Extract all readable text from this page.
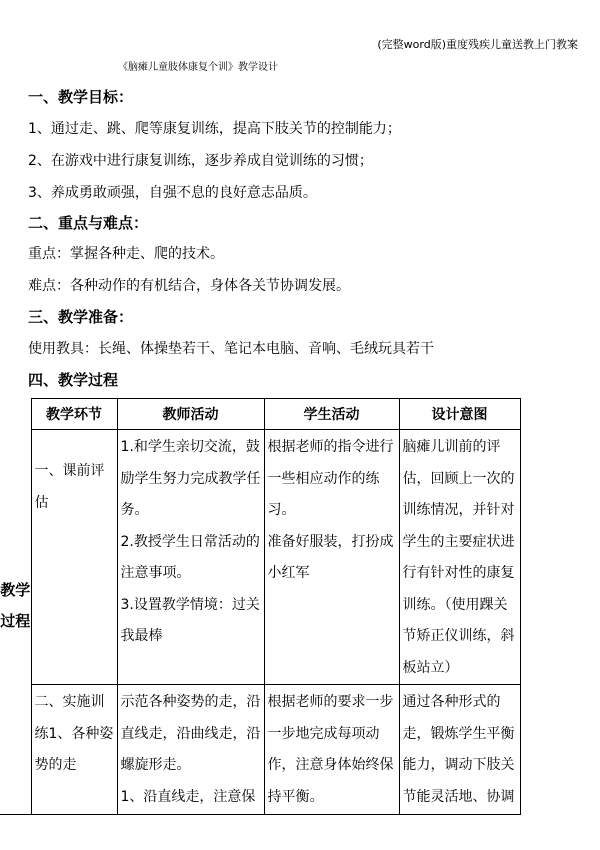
(完整word版)重度残疾儿童送教上门教案
《脑瘫儿童肢体康复个训》教学设计
一、教学目标：
1、通过走、跳、爬等康复训练，提高下肢关节的控制能力；
2、在游戏中进行康复训练，逐步养成自觉训练的习惯；
3、养成勇敢顽强，自强不息的良好意志品质。
二、重点与难点：
重点：掌握各种走、爬的技术。
难点：各种动作的有机结合，身体各关节协调发展。
三、教学准备：
使用教具：长绳、体操垫若干、笔记本电脑、音响、毛绒玩具若干
四、教学过程
教学过程	教学环节	教师活动	学生活动	设计意图

	一、课前评估	1.和学生亲切交流，鼓励学生努力完成教学任务。
2.教授学生日常活动的注意事项。
3.设置教学情境：过关我最棒	根据老师的指令进行一些相应动作的练习。
准备好服装，打扮成小红军	脑瘫儿训前的评估，回顾上一次的训练情况，并针对学生的主要症状进行有针对性的康复训练。（使用踝关节矫正仪训练，斜板站立）

	二、实施训练1、各种姿势的走	示范各种姿势的走，沿直线走，沿曲线走，沿螺旋形走。
1、沿直线走，注意保	根据老师的要求一步一步地完成每项动作，注意身体始终保持平衡。	通过各种形式的走，锻炼学生平衡能力，调动下肢关节能灵活地、协调
